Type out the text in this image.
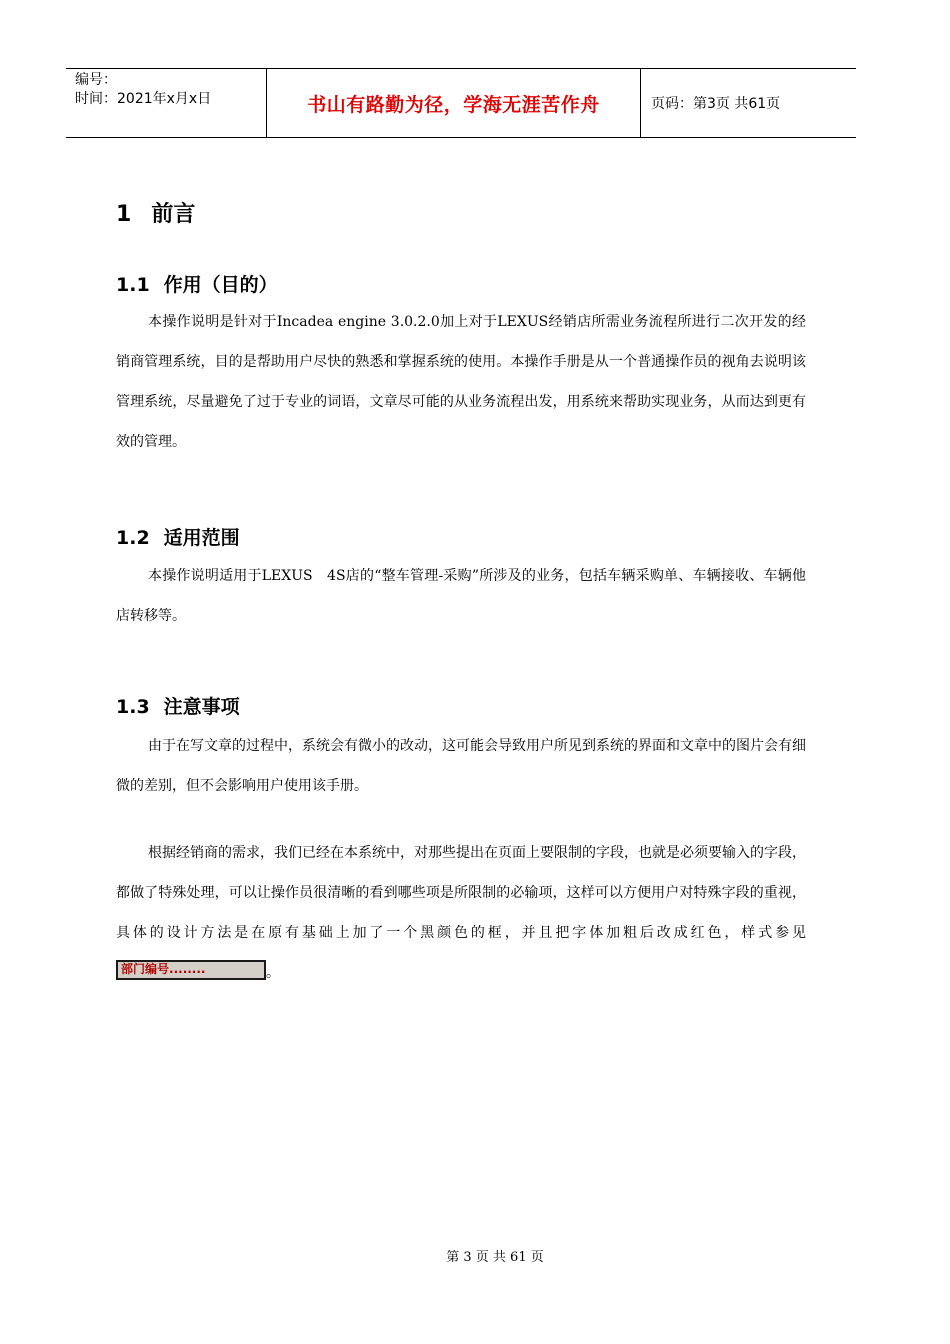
编号：
时间：2021年x月x日	书山有路勤为径，学海无涯苦作舟	页码：第3页 共61页
1 前言
1.1 作用（目的）

本操作说明是针对于Incadea engine 3.0.2.0加上对于LEXUS经销店所需业务流程所进行二次开发的经销商管理系统，目的是帮助用户尽快的熟悉和掌握系统的使用。本操作手册是从一个普通操作员的视角去说明该管理系统，尽量避免了过于专业的词语，文章尽可能的从业务流程出发，用系统来帮助实现业务，从而达到更有效的管理。

1.2 适用范围

本操作说明适用于LEXUS　4S店的“整车管理-采购”所涉及的业务，包括车辆采购单、车辆接收、车辆他店转移等。

1.3 注意事项

由于在写文章的过程中，系统会有微小的改动，这可能会导致用户所见到系统的界面和文章中的图片会有细微的差别，但不会影响用户使用该手册。

根据经销商的需求，我们已经在本系统中，对那些提出在页面上要限制的字段，也就是必须要输入的字段，都做了特殊处理，可以让操作员很清晰的看到哪些项是所限制的必输项，这样可以方便用户对特殊字段的重视，具体的设计方法是在原有基础上加了一个黑颜色的框，并且把字体加粗后改成红色，样式参见部门编号........	。

第 3 页 共 61 页
